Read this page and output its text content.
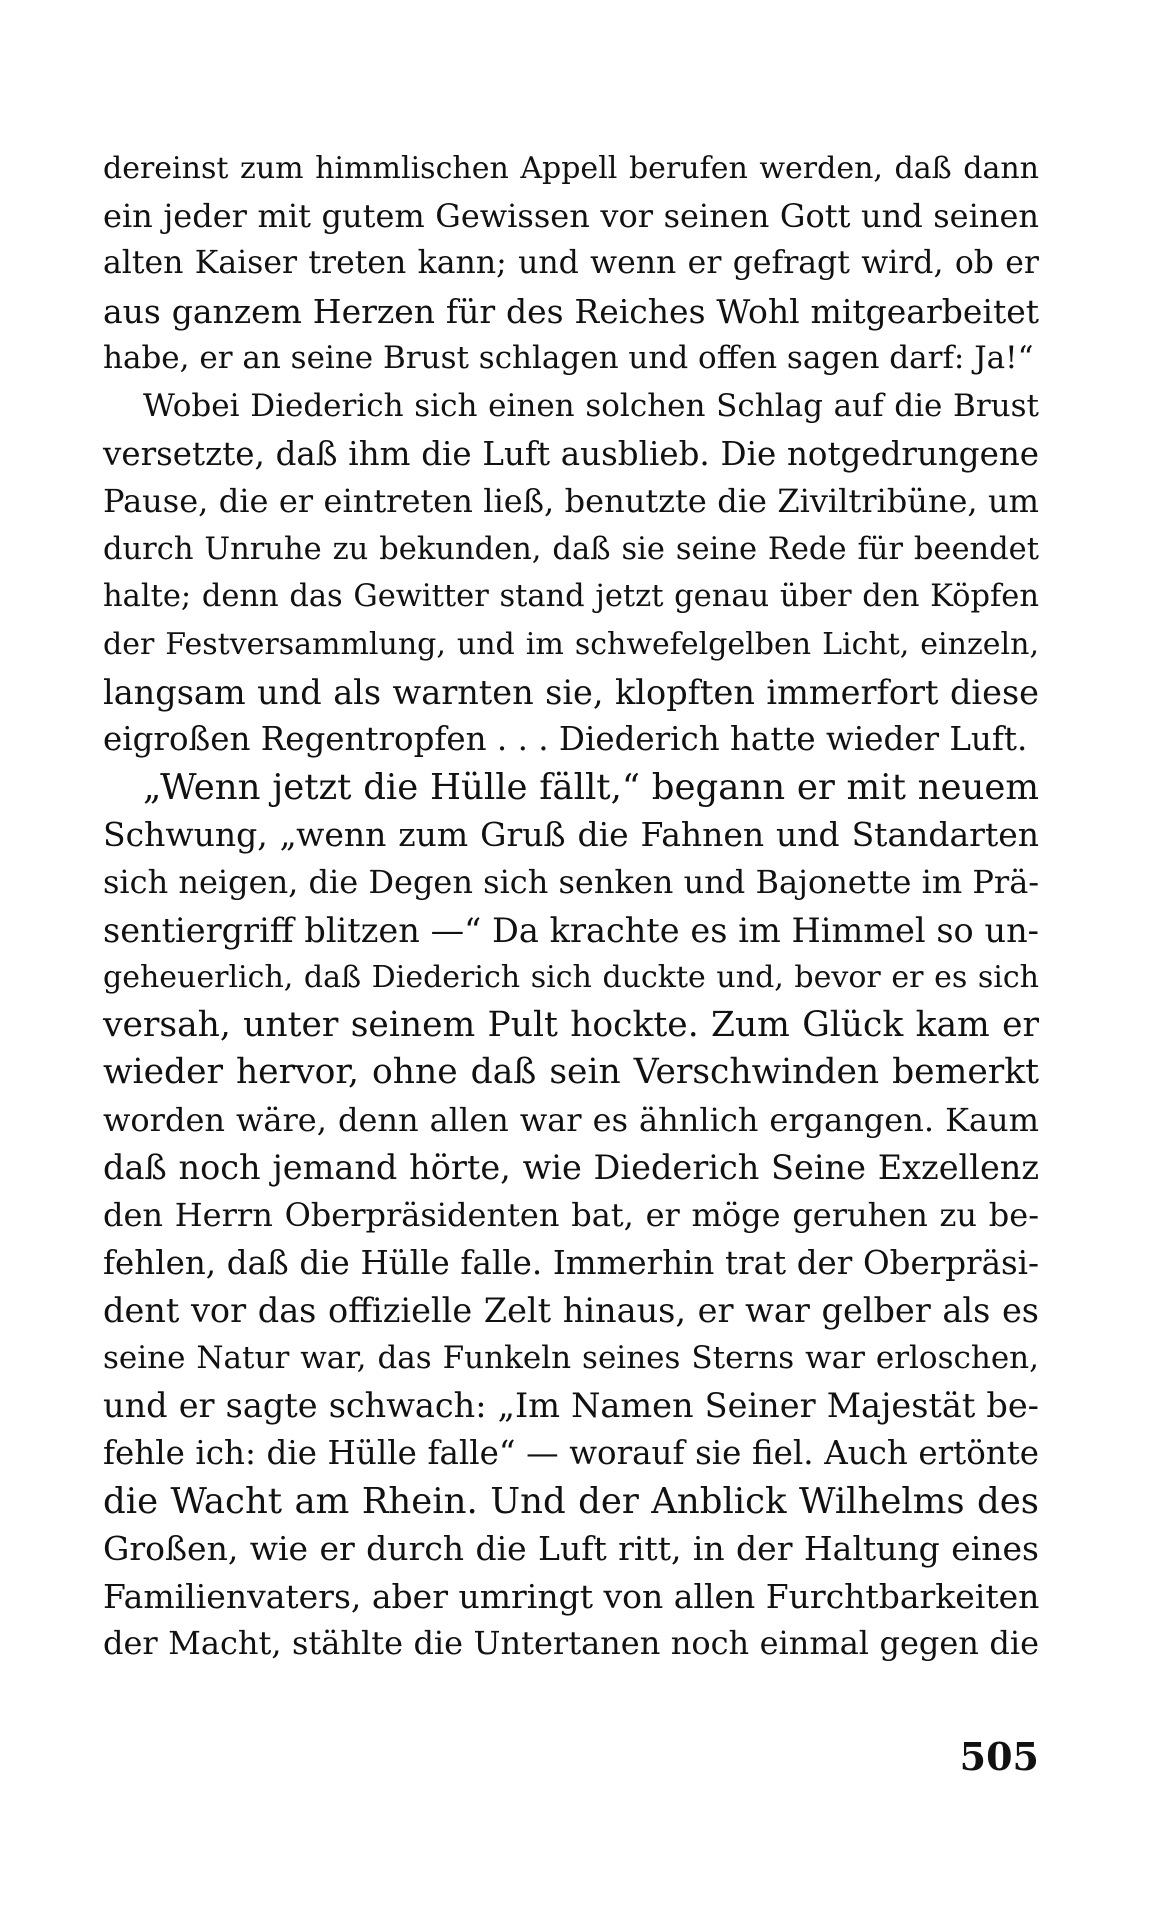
dereinst zum himmlischen Appell berufen werden, daß dann
ein jeder mit gutem Gewissen vor seinen Gott und seinen
alten Kaiser treten kann; und wenn er gefragt wird, ob er
aus ganzem Herzen für des Reiches Wohl mitgearbeitet
habe, er an seine Brust schlagen und offen sagen darf: Ja!“
Wobei Diederich sich einen solchen Schlag auf die Brust
versetzte, daß ihm die Luft ausblieb. Die notgedrungene
Pause, die er eintreten ließ, benutzte die Ziviltribüne, um
durch Unruhe zu bekunden, daß sie seine Rede für beendet
halte; denn das Gewitter stand jetzt genau über den Köpfen
der Festversammlung, und im schwefelgelben Licht, einzeln,
langsam und als warnten sie, klopften immerfort diese
eigroßen Regentropfen . . . Diederich hatte wieder Luft.
„Wenn jetzt die Hülle fällt,“ begann er mit neuem
Schwung, „wenn zum Gruß die Fahnen und Standarten
sich neigen, die Degen sich senken und Bajonette im Prä-
sentiergriff blitzen —“ Da krachte es im Himmel so un-
geheuerlich, daß Diederich sich duckte und, bevor er es sich
versah, unter seinem Pult hockte. Zum Glück kam er
wieder hervor, ohne daß sein Verschwinden bemerkt
worden wäre, denn allen war es ähnlich ergangen. Kaum
daß noch jemand hörte, wie Diederich Seine Exzellenz
den Herrn Oberpräsidenten bat, er möge geruhen zu be-
fehlen, daß die Hülle falle. Immerhin trat der Oberpräsi-
dent vor das offizielle Zelt hinaus, er war gelber als es
seine Natur war, das Funkeln seines Sterns war erloschen,
und er sagte schwach: „Im Namen Seiner Majestät be-
fehle ich: die Hülle falle“ — worauf sie fiel. Auch ertönte
die Wacht am Rhein. Und der Anblick Wilhelms des
Großen, wie er durch die Luft ritt, in der Haltung eines
Familienvaters, aber umringt von allen Furchtbarkeiten
der Macht, stählte die Untertanen noch einmal gegen die
505
